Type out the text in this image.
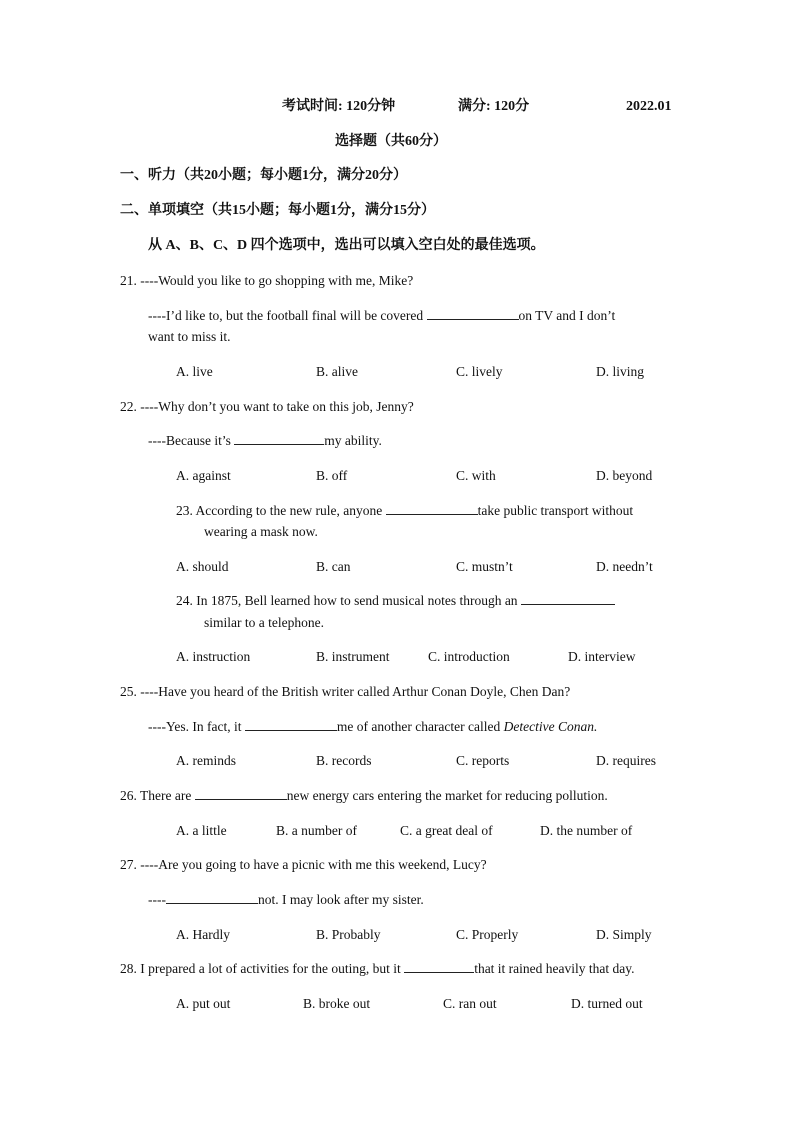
考试时间: 120分钟	满分: 120分	2022.01
选择题（共60分）
一、听力（共20小题；每小题1分，满分20分）
二、单项填空（共15小题；每小题1分，满分15分）
从 A、B、C、D 四个选项中，选出可以填入空白处的最佳选项。
21. ----Would you like to go shopping with me, Mike?
----I’d like to, but the football final will be covered	on TV and I don’t
want to miss it.
A. live	B. alive	C. lively	D. living
22. ----Why don’t you want to take on this job, Jenny?
----Because it’s	my ability.
A. against	B. off	C. with	D. beyond
23. According to the new rule, anyone	take public transport without
wearing a mask now.
A. should	B. can	C. mustn’t	D. needn’t
24. In 1875, Bell learned how to send musical notes through an
similar to a telephone.
A. instruction	B. instrument	C. introduction	D. interview
25. ----Have you heard of the British writer called Arthur Conan Doyle, Chen Dan?
----Yes. In fact, it	me of another character called Detective Conan.
A. reminds	B. records	C. reports	D. requires
26. There are	new energy cars entering the market for reducing pollution.
A. a little	B. a number of	C. a great deal of	D. the number of
27. ----Are you going to have a picnic with me this weekend, Lucy?
----	not. I may look after my sister.
A. Hardly	B. Probably	C. Properly	D. Simply
28. I prepared a lot of activities for the outing, but it	that it rained heavily that day.
A. put out	B. broke out	C. ran out	D. turned out
